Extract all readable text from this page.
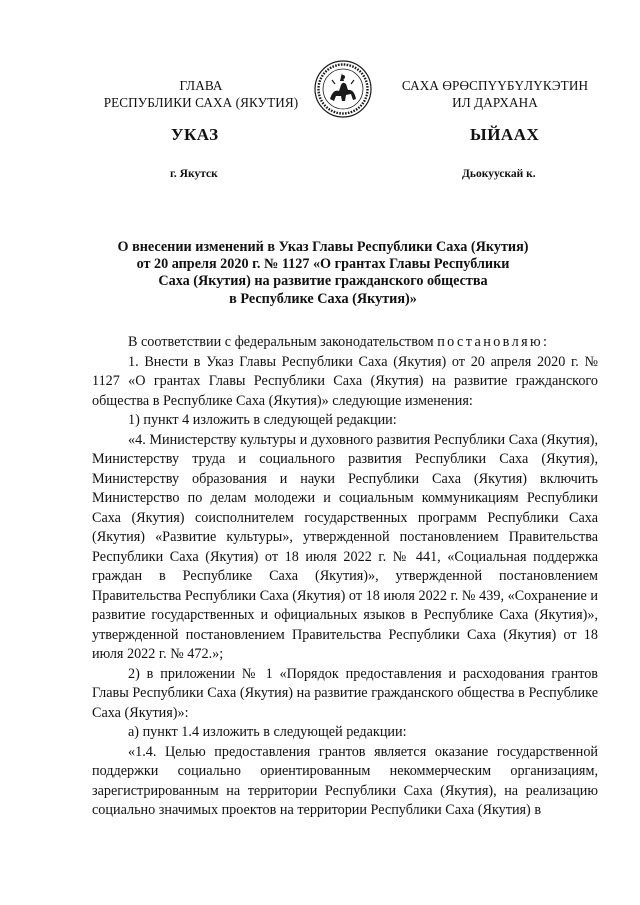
ГЛАВА
РЕСПУБЛИКИ САХА (ЯКУТИЯ)
САХА ӨРӨСПҮҮБҮЛҮКЭТИН
ИЛ ДАРХАНА
УКАЗ	ЫЙААХ
г. Якутск	Дьокуускай к.
О внесении изменений в Указ Главы Республики Саха (Якутия)
от 20 апреля 2020 г. № 1127 «О грантах Главы Республики
Саха (Якутия) на развитие гражданского общества
в Республике Саха (Якутия)»

В соответствии с федеральным законодательством постановляю:

1. Внести в Указ Главы Республики Саха (Якутия) от 20 апреля 2020 г. № 1127 «О грантах Главы Республики Саха (Якутия) на развитие гражданского общества в Республике Саха (Якутия)» следующие изменения:

1) пункт 4 изложить в следующей редакции:

«4. Министерству культуры и духовного развития Республики Саха (Якутия), Министерству труда и социального развития Республики Саха (Якутия), Министерству образования и науки Республики Саха (Якутия) включить Министерство по делам молодежи и социальным коммуникациям Республики Саха (Якутия) соисполнителем государственных программ Республики Саха (Якутия) «Развитие культуры», утвержденной постановлением Правительства Республики Саха (Якутия) от 18 июля 2022 г. № 441, «Социальная поддержка граждан в Республике Саха (Якутия)», утвержденной постановлением Правительства Республики Саха (Якутия) от 18 июля 2022 г. № 439, «Сохранение и развитие государственных и официальных языков в Республике Саха (Якутия)», утвержденной постановлением Правительства Республики Саха (Якутия) от 18 июля 2022 г. № 472.»;

2) в приложении № 1 «Порядок предоставления и расходования грантов Главы Республики Саха (Якутия) на развитие гражданского общества в Республике Саха (Якутия)»:

а) пункт 1.4 изложить в следующей редакции:

«1.4. Целью предоставления грантов является оказание государственной поддержки социально ориентированным некоммерческим организациям, зарегистрированным на территории Республики Саха (Якутия), на реализацию социально значимых проектов на территории Республики Саха (Якутия) в
